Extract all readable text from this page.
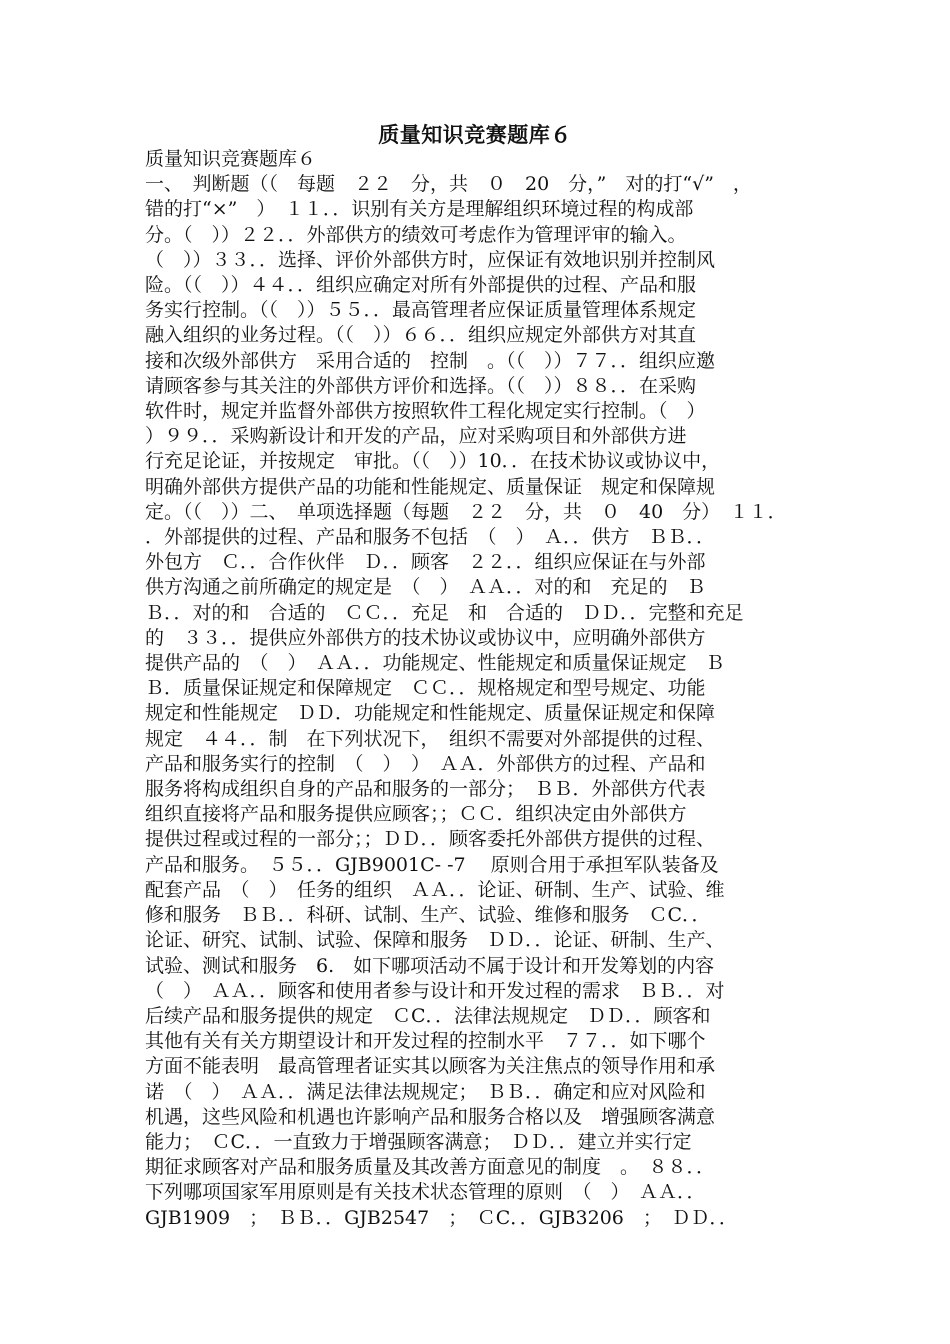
质量知识竞赛题库６
质量知识竞赛题库６
一、　判断题（（　每题　２２　分，共　０　20　分，”　对的打“√”　，
错的打“×”　）　１１．．识别有关方是理解组织环境过程的构成部
分。（　））２２．．外部供方的绩效可考虑作为管理评审的输入。
（　））３３．．选择、评价外部供方时，应保证有效地识别并控制风
险。（（　））４４．．组织应确定对所有外部提供的过程、产品和服
务实行控制。（（　））５５．．最高管理者应保证质量管理体系规定
融入组织的业务过程。（（　））６６．．组织应规定外部供方对其直
接和次级外部供方　采用合适的　控制　。（（　））７７．．组织应邀
请顾客参与其关注的外部供方评价和选择。（（　））８８．．在采购
软件时，规定并监督外部供方按照软件工程化规定实行控制。（　）
）９９．．采购新设计和开发的产品，应对采购项目和外部供方进
行充足论证，并按规定　审批。（（　））10．．在技术协议或协议中，
明确外部供方提供产品的功能和性能规定、质量保证　规定和保障规
定。（（　））二、　单项选择题（每题　２２　分，共　０　40　分）　１１．
．外部提供的过程、产品和服务不包括　（　）　Ａ．．供方　ＢＢ．．
外包方　Ｃ．．合作伙伴　Ｄ．．顾客　２２．．组织应保证在与外部
供方沟通之前所确定的规定是　（　）　ＡＡ．．对的和　充足的　Ｂ
Ｂ．．对的和　合适的　ＣＣ．．充足　和　合适的　ＤＤ．．完整和充足
的　３３．．提供应外部供方的技术协议或协议中，应明确外部供方
提供产品的　（　）　ＡＡ．．功能规定、性能规定和质量保证规定　Ｂ
Ｂ．质量保证规定和保障规定　ＣＣ．．规格规定和型号规定、功能
规定和性能规定　ＤＤ．功能规定和性能规定、质量保证规定和保障
规定　４４．．制　在下列状况下，　组织不需要对外部提供的过程、
产品和服务实行的控制　（　）　）　ＡＡ．外部供方的过程、产品和
服务将构成组织自身的产品和服务的一部分；　ＢＢ．外部供方代表
组织直接将产品和服务提供应顾客；；ＣＣ．组织决定由外部供方
提供过程或过程的一部分；；ＤＤ．．顾客委托外部供方提供的过程、
产品和服务。　５５．．GJB9001C- -7　 原则合用于承担军队装备及
配套产品　（　）　任务的组织　ＡＡ．．论证、研制、生产、试验、维
修和服务　ＢＢ．．科研、试制、生产、试验、维修和服务　ＣC．．
论证、研究、试制、试验、保障和服务　ＤＤ．．论证、研制、生产、
试验、测试和服务　6.　如下哪项活动不属于设计和开发筹划的内容
（　）　ＡＡ．．顾客和使用者参与设计和开发过程的需求　ＢＢ．．对
后续产品和服务提供的规定　ＣC．．法律法规规定　ＤＤ．．顾客和
其他有关有关方期望设计和开发过程的控制水平　７７．．如下哪个
方面不能表明　最高管理者证实其以顾客为关注焦点的领导作用和承
诺　（　）　ＡＡ．．满足法律法规规定；　ＢＢ．．确定和应对风险和
机遇，这些风险和机遇也许影响产品和服务合格以及　增强顾客满意
能力；　ＣC．．一直致力于增强顾客满意；　ＤＤ．．建立并实行定
期征求顾客对产品和服务质量及其改善方面意见的制度　。　８８．．
下列哪项国家军用原则是有关技术状态管理的原则　（　）　ＡＡ．．
GJB1909　；　ＢＢ．．GJB2547　；　ＣC．．GJB3206　；　ＤＤ．．
